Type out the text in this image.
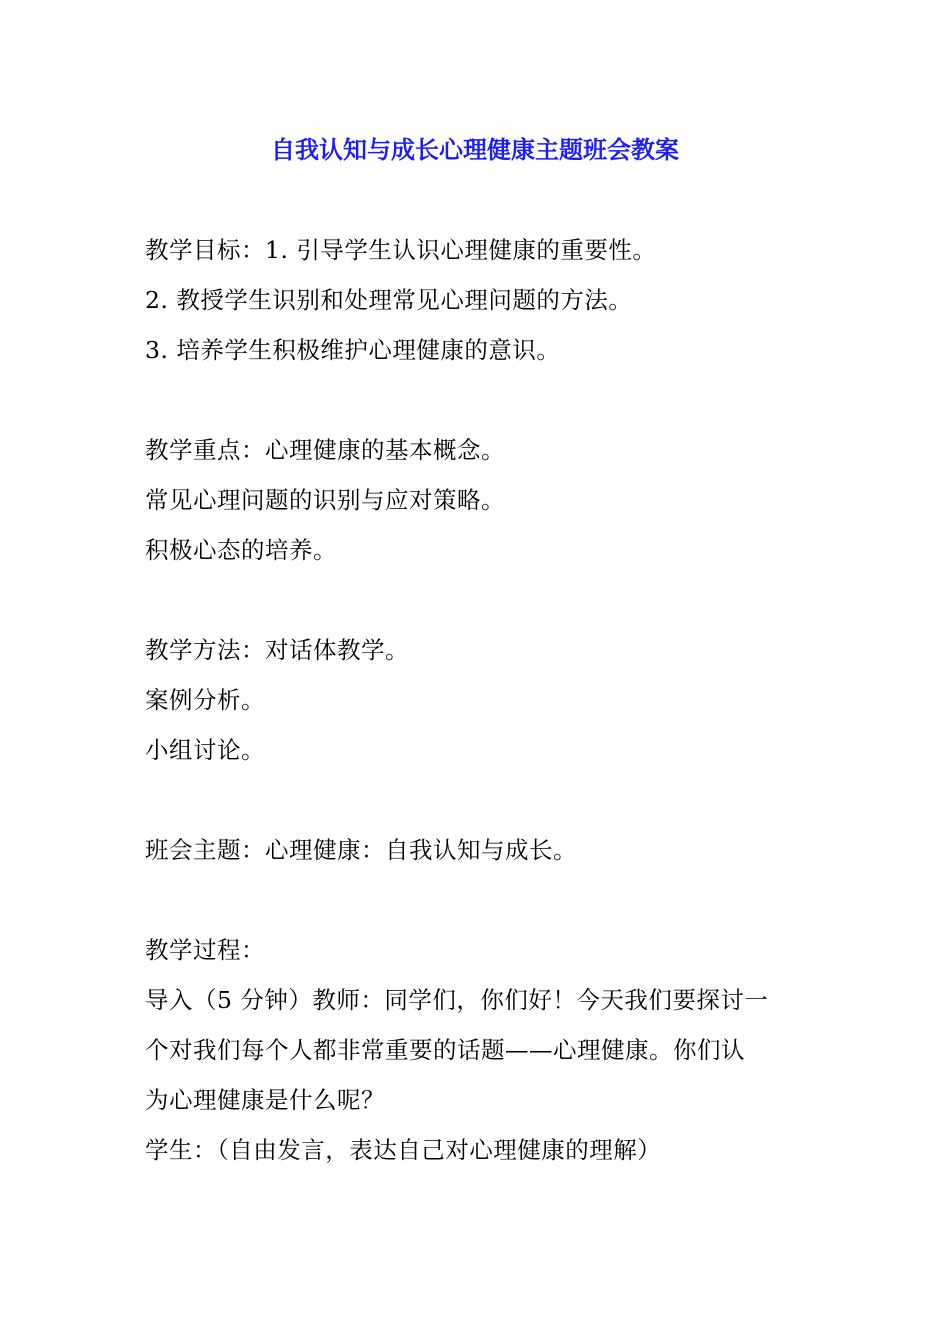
自我认知与成长心理健康主题班会教案
教学目标：1. 引导学生认识心理健康的重要性。
2. 教授学生识别和处理常见心理问题的方法。
3. 培养学生积极维护心理健康的意识。
教学重点：心理健康的基本概念。
常见心理问题的识别与应对策略。
积极心态的培养。
教学方法：对话体教学。
案例分析。
小组讨论。
班会主题：心理健康：自我认知与成长。
教学过程：
导入（5 分钟）教师：同学们，你们好！今天我们要探讨一
个对我们每个人都非常重要的话题——心理健康。你们认
为心理健康是什么呢？
学生：（自由发言，表达自己对心理健康的理解）
